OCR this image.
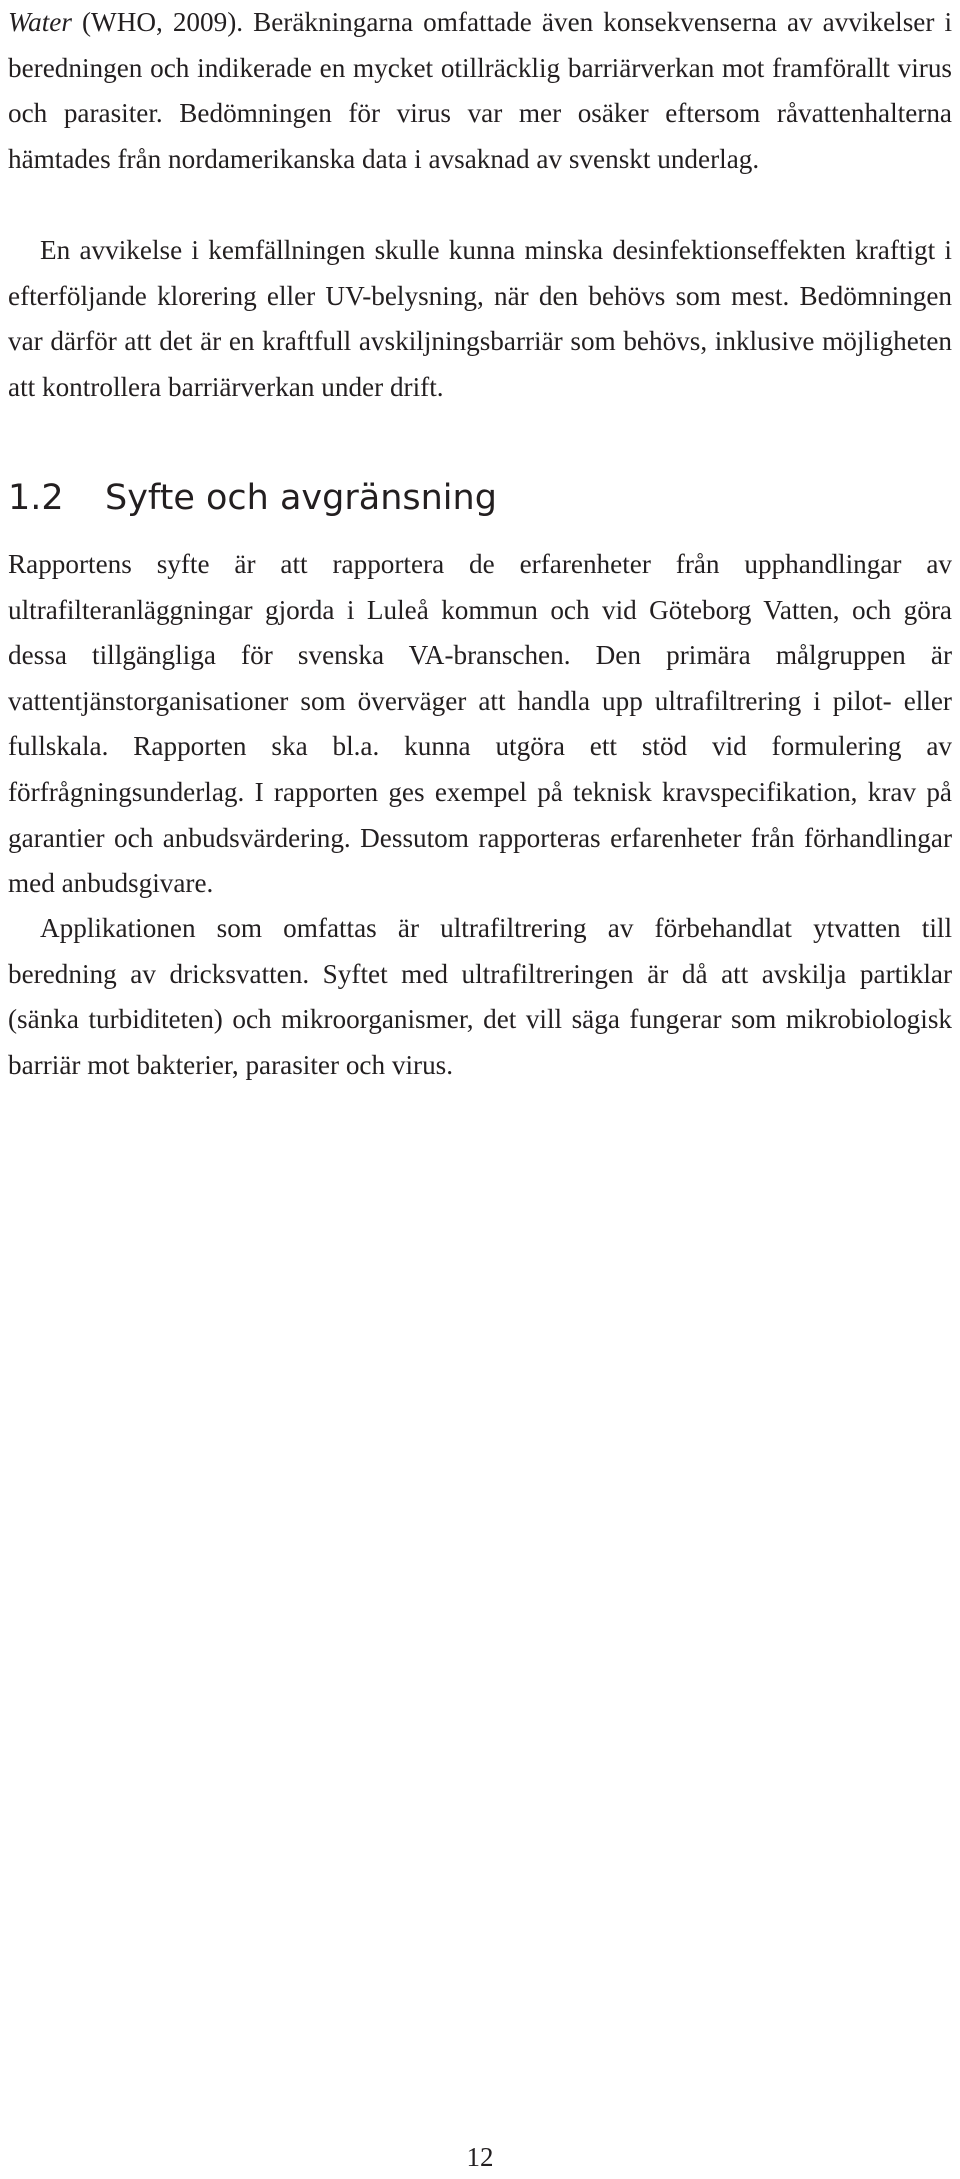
Water (WHO, 2009). Beräkningarna omfattade även konsekvenserna av avvikelser i beredningen och indikerade en mycket otillräcklig barriärverkan mot framförallt virus och parasiter. Bedömningen för virus var mer osäker eftersom råvattenhalterna hämtades från nordamerikanska data i avsaknad av svenskt underlag.

En avvikelse i kemfällningen skulle kunna minska desinfektionseffekten kraftigt i efterföljande klorering eller UV-belysning, när den behövs som mest. Bedömningen var därför att det är en kraftfull avskiljningsbarriär som behövs, inklusive möjligheten att kontrollera barriärverkan under drift.

1.2 Syfte och avgränsning

Rapportens syfte är att rapportera de erfarenheter från upphandlingar av ultrafilteranläggningar gjorda i Luleå kommun och vid Göteborg Vatten, och göra dessa tillgängliga för svenska VA-branschen. Den primära målgruppen är vattentjänstorganisationer som överväger att handla upp ultrafiltrering i pilot- eller fullskala. Rapporten ska bl.a. kunna utgöra ett stöd vid formulering av förfrågningsunderlag. I rapporten ges exempel på teknisk kravspecifikation, krav på garantier och anbudsvärdering. Dessutom rapporteras erfarenheter från förhandlingar med anbudsgivare.

Applikationen som omfattas är ultrafiltrering av förbehandlat ytvatten till beredning av dricksvatten. Syftet med ultrafiltreringen är då att avskilja partiklar (sänka turbiditeten) och mikroorganismer, det vill säga fungerar som mikrobiologisk barriär mot bakterier, parasiter och virus.

12
